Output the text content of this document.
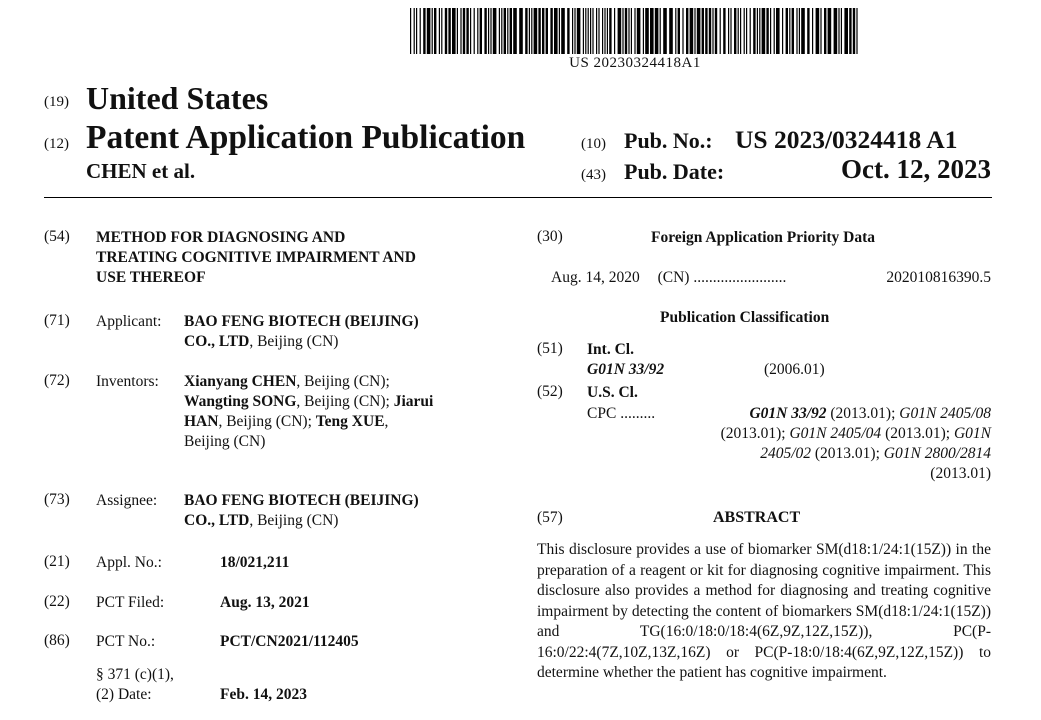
US 20230324418A1
(19) United States
(12) Patent Application Publication
CHEN et al.
(10) Pub. No.: US 2023/0324418 A1
(43) Pub. Date:	Oct. 12, 2023
(54) METHOD FOR DIAGNOSING AND
TREATING COGNITIVE IMPAIRMENT AND
USE THEREOF
(71) Applicant: BAO FENG BIOTECH (BEIJING)
CO., LTD, Beijing (CN)
(72) Inventors: Xianyang CHEN, Beijing (CN);
Wangting SONG, Beijing (CN); Jiarui
HAN, Beijing (CN); Teng XUE,
Beijing (CN)
(73) Assignee: BAO FENG BIOTECH (BEIJING)
CO., LTD, Beijing (CN)
(21) Appl. No.:	18/021,211
(22) PCT Filed:	Aug. 13, 2021
(86) PCT No.:	PCT/CN2021/112405
§ 371 (c)(1),
(2) Date:	Feb. 14, 2023
(30)	Foreign Application Priority Data
Aug. 14, 2020 (CN) ........................	202010816390.5
Publication Classification
(51) Int. Cl.
G01N 33/92	(2006.01)
(52) U.S. Cl.
CPC .........	G01N 33/92 (2013.01); G01N 2405/08
(2013.01); G01N 2405/04 (2013.01); G01N
2405/02 (2013.01); G01N 2800/2814
(2013.01)
(57)	ABSTRACT
This disclosure provides a use of biomarker SM(d18:1/24:1(15Z)) in the preparation of a reagent or kit for diagnosing cognitive impairment. This disclosure also provides a method for diagnosing and treating cognitive impairment by detecting the content of biomarkers SM(d18:1/24:1(15Z)) and TG(16:0/18:0/18:4(6Z,9Z,12Z,15Z)), PC(P-16:0/22:4(7Z,10Z,13Z,16Z) or PC(P-18:0/18:4(6Z,9Z,12Z,15Z)) to determine whether the patient has cognitive impairment.
